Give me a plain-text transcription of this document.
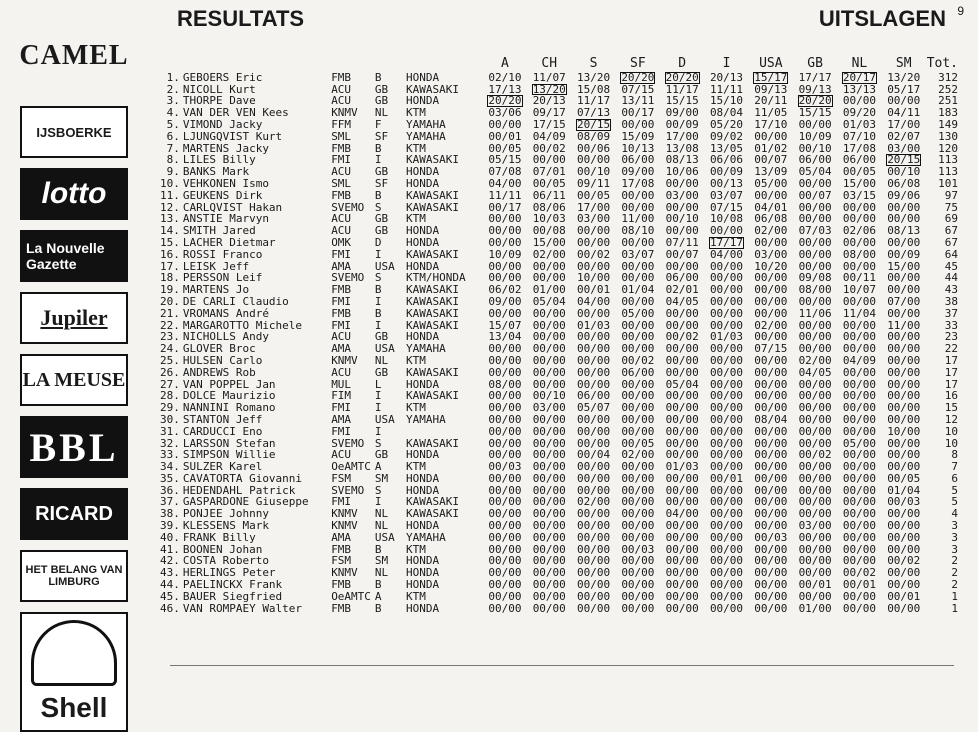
CAMEL
IJSBOERKE
lotto
La Nouvelle Gazette
Jupiler
LA MEUSE
BBL
RICARD
HET BELANG VAN LIMBURG
Shell
RESULTATS	UITSLAGEN 9
					A	CH	S	SF	D	I	USA	GB	NL	SM	Tot.
1.	GEBOERS Eric	FMB	B	HONDA	02/10	11/07	13/20	20/20	20/20	20/13	15/17	17/17	20/17	13/20	312
2.	NICOLL Kurt	ACU	GB	KAWASAKI	17/13	13/20	15/08	07/15	11/17	11/11	09/13	09/13	13/13	05/17	252
3.	THORPE Dave	ACU	GB	HONDA	20/20	20/13	11/17	13/11	15/15	15/10	20/11	20/20	00/00	00/00	251
4.	VAN DER VEN Kees	KNMV	NL	KTM	03/06	09/17	07/13	00/17	09/00	08/04	11/05	15/15	09/20	04/11	183
5.	VIMOND Jacky	FFM	F	YAMAHA	00/00	17/15	20/15	00/00	00/09	05/20	17/10	00/00	01/03	17/00	149
6.	LJUNGQVIST Kurt	SML	SF	YAMAHA	00/01	04/09	08/09	15/09	17/00	09/02	00/00	10/09	07/10	02/07	130
7.	MARTENS Jacky	FMB	B	KTM	00/05	00/02	00/06	10/13	13/08	13/05	01/02	00/10	17/08	03/00	120
8.	LILES Billy	FMI	I	KAWASAKI	05/15	00/00	00/00	06/00	08/13	06/06	00/07	06/00	06/00	20/15	113
9.	BANKS Mark	ACU	GB	HONDA	07/08	07/01	00/10	09/00	10/06	00/09	13/09	05/04	00/05	00/10	113
10.	VEHKONEN Ismo	SML	SF	HONDA	04/00	00/05	09/11	17/08	00/00	00/13	05/00	00/00	15/00	06/08	101
11.	GEUKENS Dirk	FMB	B	KAWASAKI	11/11	06/11	00/05	00/00	03/00	03/07	00/00	00/07	03/15	09/06	97
12.	CARLQVIST Hakan	SVEMO	S	KAWASAKI	00/17	08/06	17/00	00/00	00/00	07/15	04/01	00/00	00/00	00/00	75
13.	ANSTIE Marvyn	ACU	GB	KTM	00/00	10/03	03/00	11/00	00/10	10/08	06/08	00/00	00/00	00/00	69
14.	SMITH Jared	ACU	GB	HONDA	00/00	00/08	00/00	08/10	00/00	00/00	02/00	07/03	02/06	08/13	67
15.	LACHER Dietmar	OMK	D	HONDA	00/00	15/00	00/00	00/00	07/11	17/17	00/00	00/00	00/00	00/00	67
16.	ROSSI Franco	FMI	I	KAWASAKI	10/09	02/00	00/02	03/07	00/07	04/00	03/00	00/00	08/00	00/09	64
17.	LEISK Jeff	AMA	USA	HONDA	00/00	00/00	00/00	00/00	00/00	00/00	10/20	00/00	00/00	15/00	45
18.	PERSSON Leif	SVEMO	S	KTM/HONDA	00/00	00/00	10/00	00/00	06/00	00/00	00/00	09/08	00/11	00/00	44
19.	MARTENS Jo	FMB	B	KAWASAKI	06/02	01/00	00/01	01/04	02/01	00/00	00/00	08/00	10/07	00/00	43
20.	DE CARLI Claudio	FMI	I	KAWASAKI	09/00	05/04	04/00	00/00	04/05	00/00	00/00	00/00	00/00	07/00	38
21.	VROMANS André	FMB	B	KAWASAKI	00/00	00/00	00/00	05/00	00/00	00/00	00/00	11/06	11/04	00/00	37
22.	MARGAROTTO Michele	FMI	I	KAWASAKI	15/07	00/00	01/03	00/00	00/00	00/00	02/00	00/00	00/00	11/00	33
23.	NICHOLLS Andy	ACU	GB	HONDA	13/04	00/00	00/00	00/00	00/02	01/03	00/00	00/00	00/00	00/00	23
24.	GLOVER Broc	AMA	USA	YAMAHA	00/00	00/00	00/00	00/00	00/00	00/00	07/15	00/00	00/00	00/00	22
25.	HULSEN Carlo	KNMV	NL	KTM	00/00	00/00	00/00	00/02	00/00	00/00	00/00	02/00	04/09	00/00	17
26.	ANDREWS Rob	ACU	GB	KAWASAKI	00/00	00/00	00/00	06/00	00/00	00/00	00/00	04/05	00/00	00/00	17
27.	VAN POPPEL Jan	MUL	L	HONDA	08/00	00/00	00/00	00/00	05/04	00/00	00/00	00/00	00/00	00/00	17
28.	DOLCE Maurizio	FIM	I	KAWASAKI	00/00	00/10	06/00	00/00	00/00	00/00	00/00	00/00	00/00	00/00	16
29.	NANNINI Romano	FMI	I	KTM	00/00	03/00	05/07	00/00	00/00	00/00	00/00	00/00	00/00	00/00	15
30.	STANTON Jeff	AMA	USA	YAMAHA	00/00	00/00	00/00	00/00	00/00	00/00	08/04	00/00	00/00	00/00	12
31.	CARDUCCI Eno	FMI	I		00/00	00/00	00/00	00/00	00/00	00/00	00/00	00/00	00/00	10/00	10
32.	LARSSON Stefan	SVEMO	S	KAWASAKI	00/00	00/00	00/00	00/05	00/00	00/00	00/00	00/00	05/00	00/00	10
33.	SIMPSON Willie	ACU	GB	HONDA	00/00	00/00	00/04	02/00	00/00	00/00	00/00	00/02	00/00	00/00	8
34.	SULZER Karel	OeAMTC	A	KTM	00/03	00/00	00/00	00/00	01/03	00/00	00/00	00/00	00/00	00/00	7
35.	CAVATORTA Giovanni	FSM	SM	HONDA	00/00	00/00	00/00	00/00	00/00	00/01	00/00	00/00	00/00	00/05	6
36.	HEDENDAHL Patrick	SVEMO	S	HONDA	00/00	00/00	00/00	00/00	00/00	00/00	00/00	00/00	00/00	01/04	5
37.	GASPARDONE Giuseppe	FMI	I	KAWASAKI	00/00	00/00	02/00	00/00	00/00	00/00	00/00	00/00	00/00	00/03	5
38.	PONJEE Johnny	KNMV	NL	KAWASAKI	00/00	00/00	00/00	00/00	04/00	00/00	00/00	00/00	00/00	00/00	4
39.	KLESSENS Mark	KNMV	NL	HONDA	00/00	00/00	00/00	00/00	00/00	00/00	00/00	03/00	00/00	00/00	3
40.	FRANK Billy	AMA	USA	YAMAHA	00/00	00/00	00/00	00/00	00/00	00/00	00/03	00/00	00/00	00/00	3
41.	BOONEN Johan	FMB	B	KTM	00/00	00/00	00/00	00/03	00/00	00/00	00/00	00/00	00/00	00/00	3
42.	COSTA Roberto	FSM	SM	HONDA	00/00	00/00	00/00	00/00	00/00	00/00	00/00	00/00	00/00	00/02	2
43.	HERLINGS Peter	KNMV	NL	HONDA	00/00	00/00	00/00	00/00	00/00	00/00	00/00	00/00	00/02	00/00	2
44.	PAELINCKX Frank	FMB	B	HONDA	00/00	00/00	00/00	00/00	00/00	00/00	00/00	00/01	00/01	00/00	2
45.	BAUER Siegfried	OeAMTC	A	KTM	00/00	00/00	00/00	00/00	00/00	00/00	00/00	00/00	00/00	00/01	1
46.	VAN ROMPAEY Walter	FMB	B	HONDA	00/00	00/00	00/00	00/00	00/00	00/00	00/00	01/00	00/00	00/00	1
